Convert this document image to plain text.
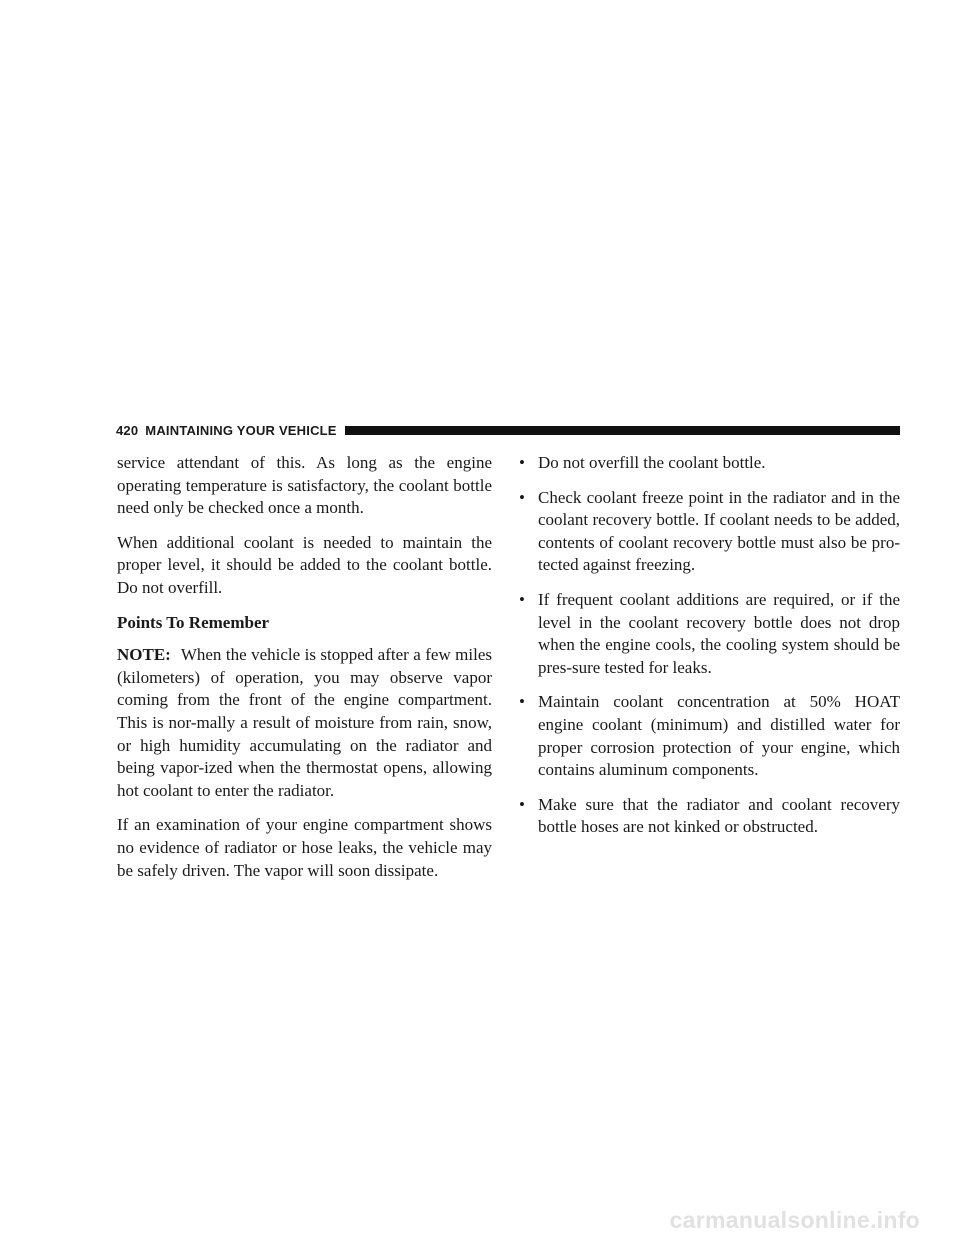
420 MAINTAINING YOUR VEHICLE

service attendant of this. As long as the engine operating temperature is satisfactory, the coolant bottle need only be checked once a month.

When additional coolant is needed to maintain the proper level, it should be added to the coolant bottle. Do not overfill.

Points To Remember

NOTE: When the vehicle is stopped after a few miles (kilometers) of operation, you may observe vapor coming from the front of the engine compartment. This is nor-mally a result of moisture from rain, snow, or high humidity accumulating on the radiator and being vapor-ized when the thermostat opens, allowing hot coolant to enter the radiator.

If an examination of your engine compartment shows no evidence of radiator or hose leaks, the vehicle may be safely driven. The vapor will soon dissipate.

• Do not overfill the coolant bottle.
• Check coolant freeze point in the radiator and in the coolant recovery bottle. If coolant needs to be added, contents of coolant recovery bottle must also be pro-tected against freezing.
• If frequent coolant additions are required, or if the level in the coolant recovery bottle does not drop when the engine cools, the cooling system should be pres-sure tested for leaks.
• Maintain coolant concentration at 50% HOAT engine coolant (minimum) and distilled water for proper corrosion protection of your engine, which contains aluminum components.
• Make sure that the radiator and coolant recovery bottle hoses are not kinked or obstructed.
carmanualsonline.info
